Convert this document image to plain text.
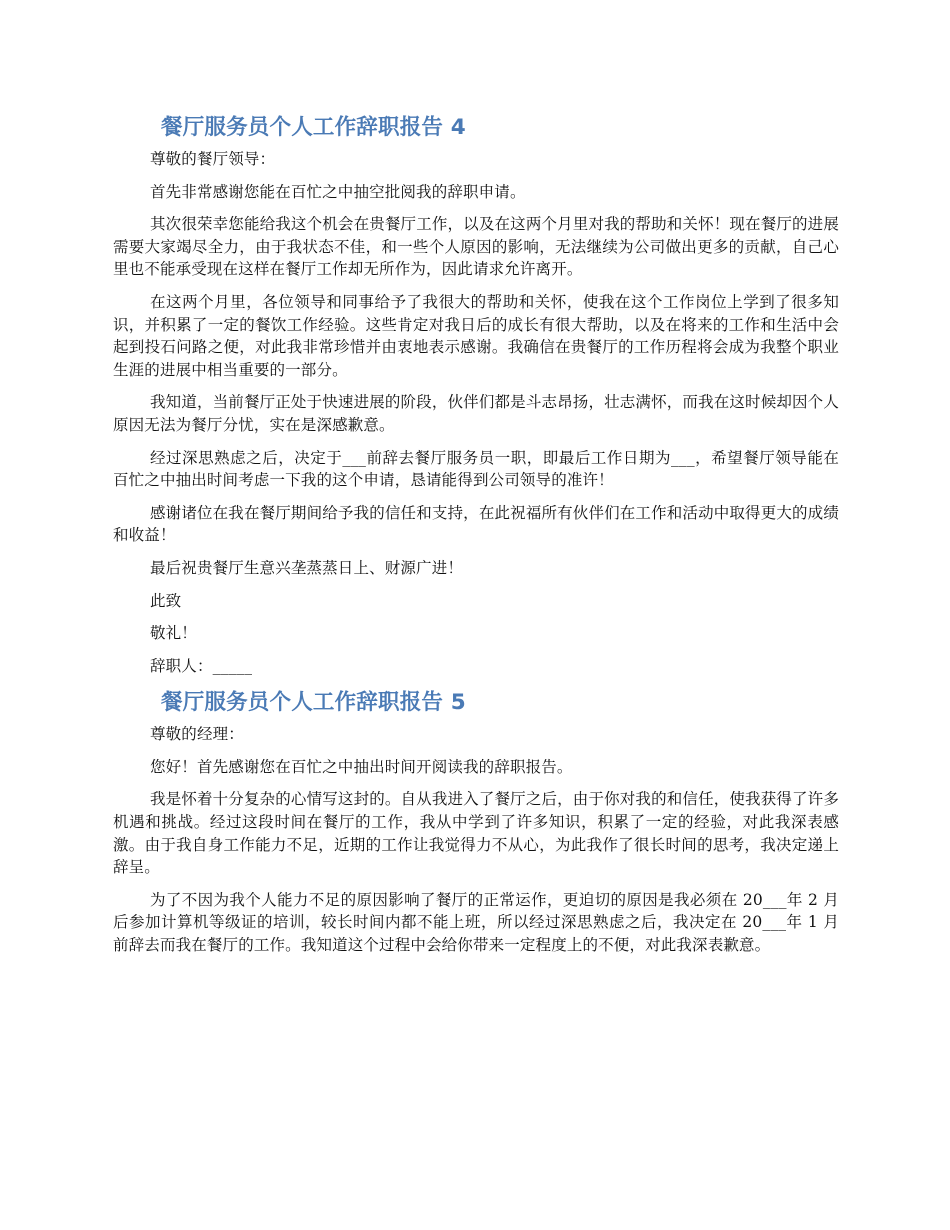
餐厅服务员个人工作辞职报告 4

尊敬的餐厅领导：

首先非常感谢您能在百忙之中抽空批阅我的辞职申请。

其次很荣幸您能给我这个机会在贵餐厅工作，以及在这两个月里对我的帮助和关怀！现在餐厅的进展需要大家竭尽全力，由于我状态不佳，和一些个人原因的影响，无法继续为公司做出更多的贡献，自己心里也不能承受现在这样在餐厅工作却无所作为，因此请求允许离开。

在这两个月里，各位领导和同事给予了我很大的帮助和关怀，使我在这个工作岗位上学到了很多知识，并积累了一定的餐饮工作经验。这些肯定对我日后的成长有很大帮助，以及在将来的工作和生活中会起到投石问路之便，对此我非常珍惜并由衷地表示感谢。我确信在贵餐厅的工作历程将会成为我整个职业生涯的进展中相当重要的一部分。

我知道，当前餐厅正处于快速进展的阶段，伙伴们都是斗志昂扬，壮志满怀，而我在这时候却因个人原因无法为餐厅分忧，实在是深感歉意。

经过深思熟虑之后，决定于___前辞去餐厅服务员一职，即最后工作日期为___，希望餐厅领导能在百忙之中抽出时间考虑一下我的这个申请，恳请能得到公司领导的准许！

感谢诸位在我在餐厅期间给予我的信任和支持，在此祝福所有伙伴们在工作和活动中取得更大的成绩和收益！

最后祝贵餐厅生意兴垄蒸蒸日上、财源广进！

此致

敬礼！

辞职人：_____

餐厅服务员个人工作辞职报告 5

尊敬的经理：

您好！首先感谢您在百忙之中抽出时间开阅读我的辞职报告。

我是怀着十分复杂的心情写这封的。自从我进入了餐厅之后，由于你对我的和信任，使我获得了许多机遇和挑战。经过这段时间在餐厅的工作，我从中学到了许多知识，积累了一定的经验，对此我深表感激。由于我自身工作能力不足，近期的工作让我觉得力不从心，为此我作了很长时间的思考，我决定递上辞呈。

为了不因为我个人能力不足的原因影响了餐厅的正常运作，更迫切的原因是我必须在 20___年 2 月后参加计算机等级证的培训，较长时间内都不能上班，所以经过深思熟虑之后，我决定在 20___年 1 月前辞去而我在餐厅的工作。我知道这个过程中会给你带来一定程度上的不便，对此我深表歉意。
